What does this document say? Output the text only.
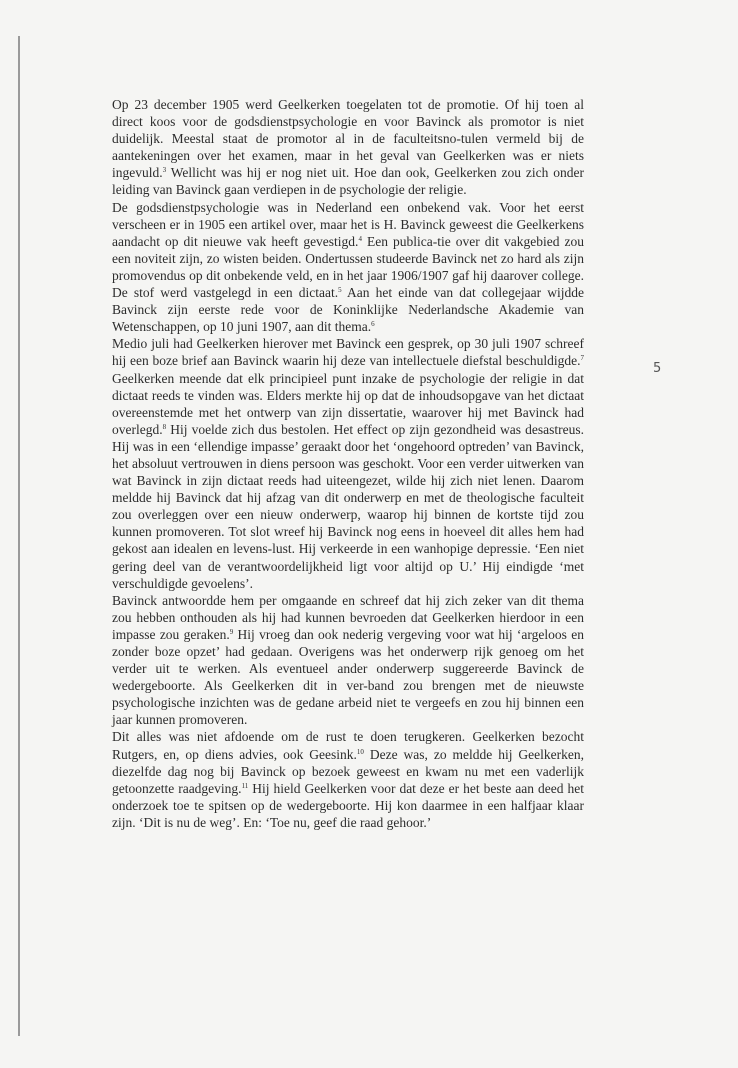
Op 23 december 1905 werd Geelkerken toegelaten tot de promotie. Of hij toen al direct koos voor de godsdienstpsychologie en voor Bavinck als promotor is niet duidelijk. Meestal staat de promotor al in de faculteitsno-tulen vermeld bij de aantekeningen over het examen, maar in het geval van Geelkerken was er niets ingevuld.$^3$ Wellicht was hij er nog niet uit. Hoe dan ook, Geelkerken zou zich onder leiding van Bavinck gaan verdiepen in de psychologie der religie.

De godsdienstpsychologie was in Nederland een onbekend vak. Voor het eerst verscheen er in 1905 een artikel over, maar het is H. Bavinck geweest die Geelkerkens aandacht op dit nieuwe vak heeft gevestigd.$^4$ Een publica-tie over dit vakgebied zou een noviteit zijn, zo wisten beiden. Ondertussen studeerde Bavinck net zo hard als zijn promovendus op dit onbekende veld, en in het jaar 1906/1907 gaf hij daarover college. De stof werd vastgelegd in een dictaat.$^5$ Aan het einde van dat collegejaar wijdde Bavinck zijn eerste rede voor de Koninklijke Nederlandsche Akademie van Wetenschappen, op 10 juni 1907, aan dit thema.$^6$

Medio juli had Geelkerken hierover met Bavinck een gesprek, op 30 juli 1907 schreef hij een boze brief aan Bavinck waarin hij deze van intellectuele diefstal beschuldigde.$^7$ Geelkerken meende dat elk principieel punt inzake de psychologie der religie in dat dictaat reeds te vinden was. Elders merkte hij op dat de inhoudsopgave van het dictaat overeenstemde met het ontwerp van zijn dissertatie, waarover hij met Bavinck had overlegd.$^8$ Hij voelde zich dus bestolen. Het effect op zijn gezondheid was desastreus. Hij was in een ‘ellendige impasse’ geraakt door het ‘ongehoord optreden’ van Bavinck, het absoluut vertrouwen in diens persoon was geschokt. Voor een verder uitwerken van wat Bavinck in zijn dictaat reeds had uiteengezet, wilde hij zich niet lenen. Daarom meldde hij Bavinck dat hij afzag van dit onderwerp en met de theologische faculteit zou overleggen over een nieuw onderwerp, waarop hij binnen de kortste tijd zou kunnen promoveren. Tot slot wreef hij Bavinck nog eens in hoeveel dit alles hem had gekost aan idealen en levens-lust. Hij verkeerde in een wanhopige depressie. ‘Een niet gering deel van de verantwoordelijkheid ligt voor altijd op U.’ Hij eindigde ‘met verschuldigde gevoelens’.

Bavinck antwoordde hem per omgaande en schreef dat hij zich zeker van dit thema zou hebben onthouden als hij had kunnen bevroeden dat Geelkerken hierdoor in een impasse zou geraken.$^9$ Hij vroeg dan ook nederig vergeving voor wat hij ‘argeloos en zonder boze opzet’ had gedaan. Overigens was het onderwerp rijk genoeg om het verder uit te werken. Als eventueel ander onderwerp suggereerde Bavinck de wedergeboorte. Als Geelkerken dit in ver-band zou brengen met de nieuwste psychologische inzichten was de gedane arbeid niet te vergeefs en zou hij binnen een jaar kunnen promoveren.

Dit alles was niet afdoende om de rust te doen terugkeren. Geelkerken bezocht Rutgers, en, op diens advies, ook Geesink.$^{10}$ Deze was, zo meldde hij Geelkerken, diezelfde dag nog bij Bavinck op bezoek geweest en kwam nu met een vaderlijk getoonzette raadgeving.$^{11}$ Hij hield Geelkerken voor dat deze er het beste aan deed het onderzoek toe te spitsen op de wedergeboorte. Hij kon daarmee in een halfjaar klaar zijn. ‘Dit is nu de weg’. En: ‘Toe nu, geef die raad gehoor.’

5
